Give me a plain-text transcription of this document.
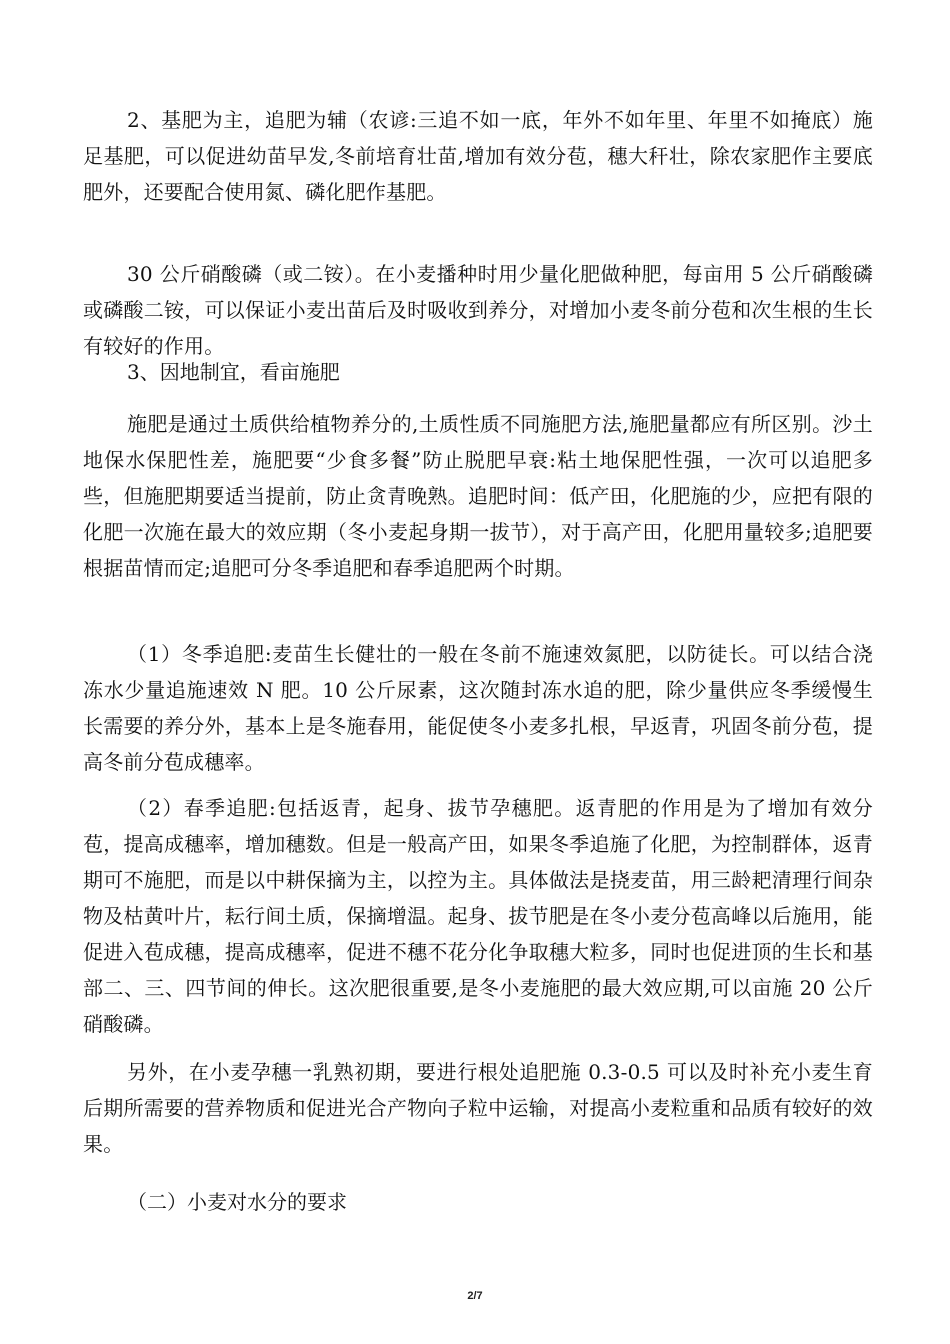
2、基肥为主，追肥为辅（农谚:三追不如一底，年外不如年里、年里不如掩底）施足基肥，可以促进幼苗早发,冬前培育壮苗,增加有效分苞，穗大秆壮，除农家肥作主要底肥外，还要配合使用氮、磷化肥作基肥。

30 公斤硝酸磷（或二铵）。在小麦播种时用少量化肥做种肥，每亩用 5 公斤硝酸磷或磷酸二铵，可以保证小麦出苗后及时吸收到养分，对增加小麦冬前分苞和次生根的生长有较好的作用。

3、因地制宜，看亩施肥

施肥是通过土质供给植物养分的,土质性质不同施肥方法,施肥量都应有所区别。沙土地保水保肥性差，施肥要“少食多餐”防止脱肥早衰:粘土地保肥性强，一次可以追肥多些，但施肥期要适当提前，防止贪青晚熟。追肥时间：低产田，化肥施的少，应把有限的化肥一次施在最大的效应期（冬小麦起身期一拔节），对于高产田，化肥用量较多;追肥要根据苗情而定;追肥可分冬季追肥和春季追肥两个时期。

（1）冬季追肥:麦苗生长健壮的一般在冬前不施速效氮肥，以防徒长。可以结合浇冻水少量追施速效 N 肥。10 公斤尿素，这次随封冻水追的肥，除少量供应冬季缓慢生长需要的养分外，基本上是冬施春用，能促使冬小麦多扎根，早返青，巩固冬前分苞，提高冬前分苞成穗率。

（2）春季追肥:包括返青，起身、拔节孕穗肥。返青肥的作用是为了增加有效分苞，提高成穗率，增加穗数。但是一般高产田，如果冬季追施了化肥，为控制群体，返青期可不施肥，而是以中耕保摘为主，以控为主。具体做法是挠麦苗，用三龄耙清理行间杂物及枯黄叶片，耘行间土质，保摘增温。起身、拔节肥是在冬小麦分苞高峰以后施用，能促进入苞成穗，提高成穗率，促进不穗不花分化争取穗大粒多，同时也促进顶的生长和基部二、三、四节间的伸长。这次肥很重要,是冬小麦施肥的最大效应期,可以亩施 20 公斤硝酸磷。

另外，在小麦孕穗一乳熟初期，要进行根处追肥施 0.3-0.5 可以及时补充小麦生育后期所需要的营养物质和促进光合产物向子粒中运输，对提高小麦粒重和品质有较好的效果。

（二）小麦对水分的要求

2/7
